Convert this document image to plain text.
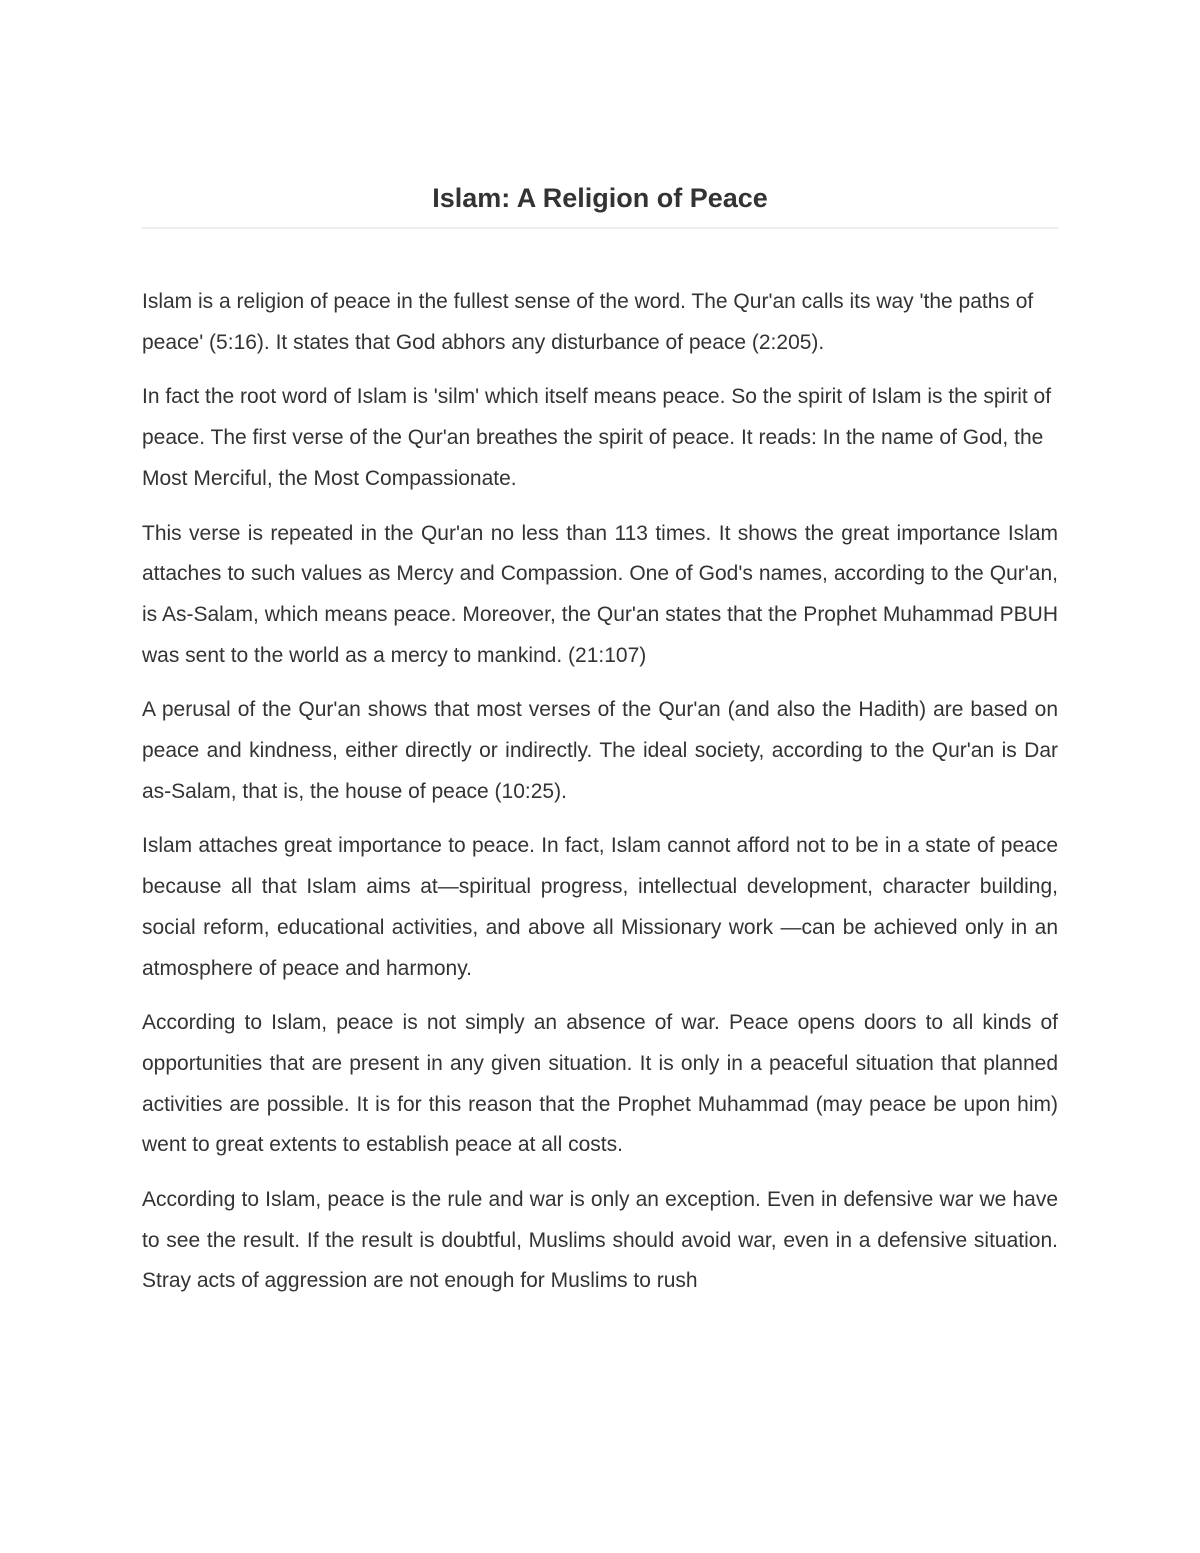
Islam: A Religion of Peace

Islam is a religion of peace in the fullest sense of the word. The Qur'an calls its way 'the paths of peace' (5:16). It states that God abhors any disturbance of peace (2:205).

In fact the root word of Islam is 'silm' which itself means peace. So the spirit of Islam is the spirit of peace. The first verse of the Qur'an breathes the spirit of peace. It reads: In the name of God, the Most Merciful, the Most Compassionate.

This verse is repeated in the Qur'an no less than 113 times. It shows the great importance Islam attaches to such values as Mercy and Compassion. One of God's names, according to the Qur'an, is As-Salam, which means peace. Moreover, the Qur'an states that the Prophet Muhammad PBUH was sent to the world as a mercy to mankind. (21:107)

A perusal of the Qur'an shows that most verses of the Qur'an (and also the Hadith) are based on peace and kindness, either directly or indirectly. The ideal society, according to the Qur'an is Dar as-Salam, that is, the house of peace (10:25).

Islam attaches great importance to peace. In fact, Islam cannot afford not to be in a state of peace because all that Islam aims at—spiritual progress, intellectual development, character building, social reform, educational activities, and above all Missionary work —can be achieved only in an atmosphere of peace and harmony.

According to Islam, peace is not simply an absence of war. Peace opens doors to all kinds of opportunities that are present in any given situation. It is only in a peaceful situation that planned activities are possible. It is for this reason that the Prophet Muhammad (may peace be upon him) went to great extents to establish peace at all costs.

According to Islam, peace is the rule and war is only an exception. Even in defensive war we have to see the result. If the result is doubtful, Muslims should avoid war, even in a defensive situation. Stray acts of aggression are not enough for Muslims to rush
